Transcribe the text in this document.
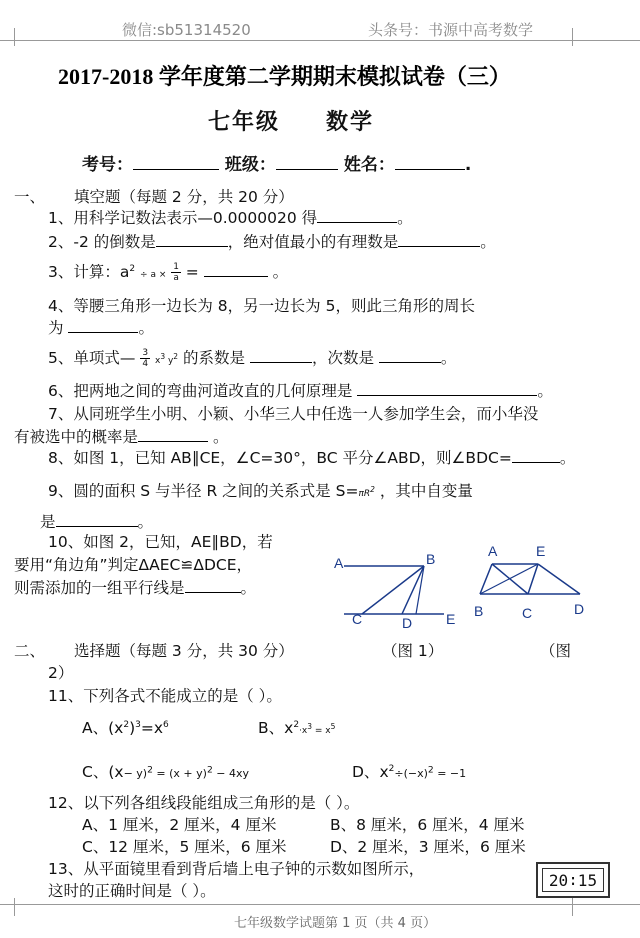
微信:sb51314520	头条号：书源中高考数学
2017-2018 学年度第二学期期末模拟试卷（三）
七年级 数学
考号：	班级：	姓名：	.
一、 填空题（每题 2 分，共 20 分）
1、用科学记数法表示—0.0000020 得	。
2、-2 的倒数是	，绝对值最小的有理数是	。
3、计算：$a^2 \div a \times 1$
a =	。
4、等腰三角形一边长为 8，另一边长为 5，则此三角形的周长
为	。
5、单项式— 3
4 $x^3$ $y^2$ 的系数是	，次数是	。
6、把两地之间的弯曲河道改直的几何原理是	。
7、从同班学生小明、小颖、小华三人中任选一人参加学生会，而小华没
有被选中的概率是	。
8、如图 1，已知 AB∥CE，∠C=30°，BC 平分∠ABD，则∠BDC=	。
9、圆的面积 S 与半径 R 之间的关系式是 $S=\pi R^2$ ，其中自变量
是	。
10、如图 2，已知，AE∥BD，若
要用“角边角”判定ΔAEC≌ΔDCE，
则需添加的一组平行线是	。
A	B
C	D E
A	E
B	C	D
二、 选择题（每题 3 分，共 30 分）	（图 1）	（图
2）
11、下列各式不能成立的是（ ）。
A、$(x^2)^3=x^6$	B、$x^2\cdot x^3 = x^5$
C、$(x- y)^2 = (x + y)^2 - 4xy$	D、$x^2\div(-x)^2 = -1$
12、以下列各组线段能组成三角形的是（ ）。
A、1 厘米，2 厘米，4 厘米	B、8 厘米，6 厘米，4 厘米
C、12 厘米，5 厘米，6 厘米	D、2 厘米，3 厘米，6 厘米
13、从平面镜里看到背后墙上电子钟的示数如图所示，
这时的正确时间是（ ）。
20∶15
七年级数学试题第 1 页（共 4 页）
